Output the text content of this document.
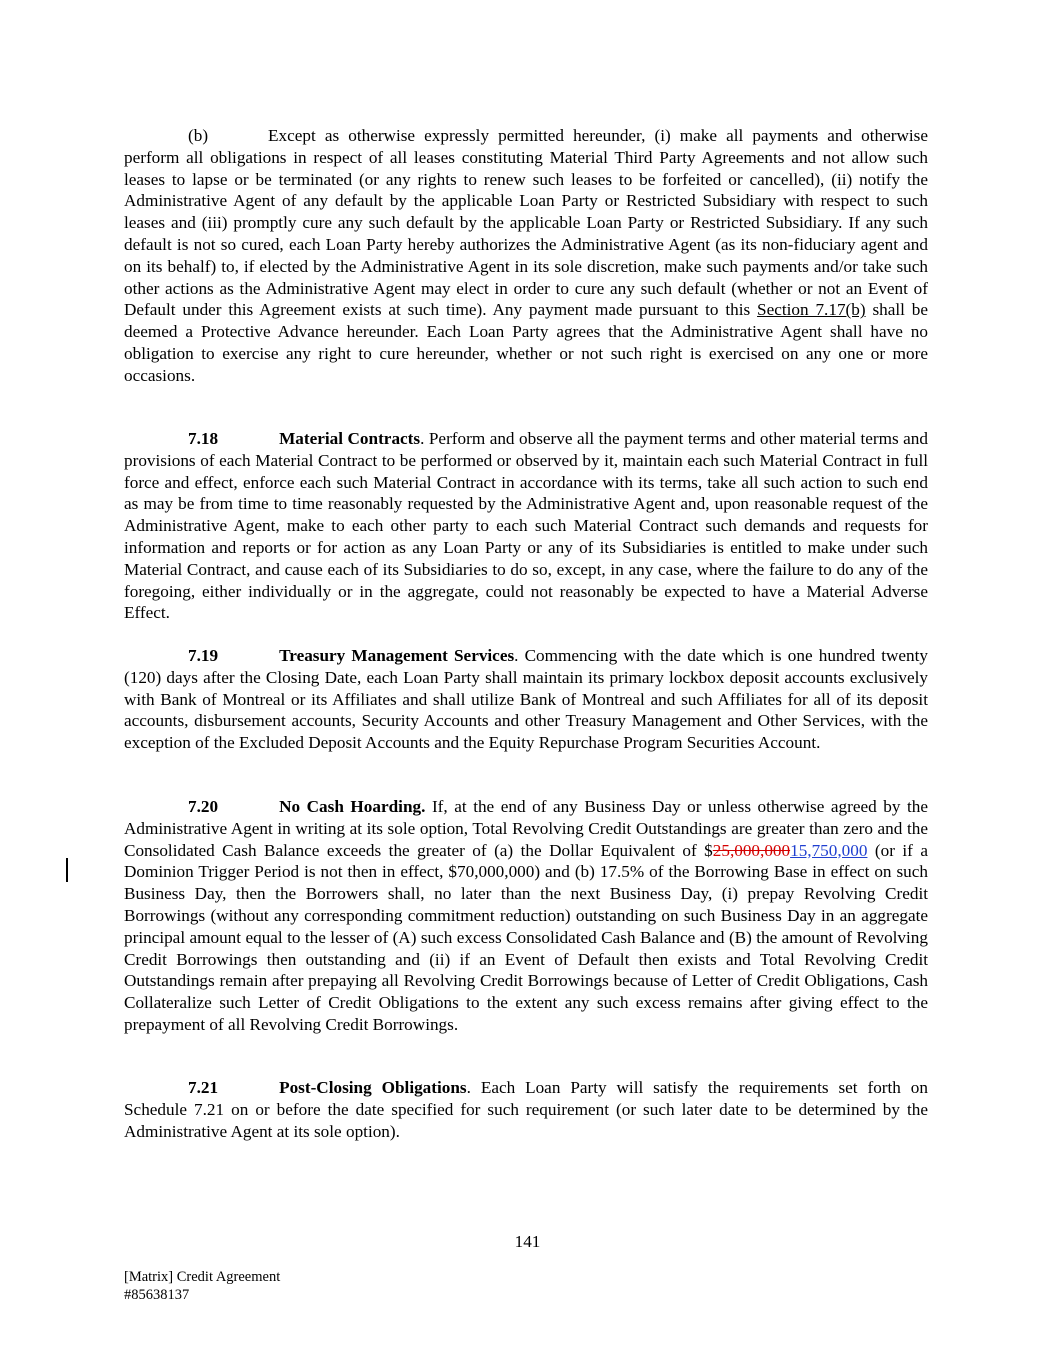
(b)	Except as otherwise expressly permitted hereunder, (i) make all payments and otherwise perform all obligations in respect of all leases constituting Material Third Party Agreements and not allow such leases to lapse or be terminated (or any rights to renew such leases to be forfeited or cancelled), (ii) notify the Administrative Agent of any default by the applicable Loan Party or Restricted Subsidiary with respect to such leases and (iii) promptly cure any such default by the applicable Loan Party or Restricted Subsidiary. If any such default is not so cured, each Loan Party hereby authorizes the Administrative Agent (as its non-fiduciary agent and on its behalf) to, if elected by the Administrative Agent in its sole discretion, make such payments and/or take such other actions as the Administrative Agent may elect in order to cure any such default (whether or not an Event of Default under this Agreement exists at such time). Any payment made pursuant to this Section 7.17(b) shall be deemed a Protective Advance hereunder. Each Loan Party agrees that the Administrative Agent shall have no obligation to exercise any right to cure hereunder, whether or not such right is exercised on any one or more occasions.

7.18	Material Contracts. Perform and observe all the payment terms and other material terms and provisions of each Material Contract to be performed or observed by it, maintain each such Material Contract in full force and effect, enforce each such Material Contract in accordance with its terms, take all such action to such end as may be from time to time reasonably requested by the Administrative Agent and, upon reasonable request of the Administrative Agent, make to each other party to each such Material Contract such demands and requests for information and reports or for action as any Loan Party or any of its Subsidiaries is entitled to make under such Material Contract, and cause each of its Subsidiaries to do so, except, in any case, where the failure to do any of the foregoing, either individually or in the aggregate, could not reasonably be expected to have a Material Adverse Effect.

7.19	Treasury Management Services. Commencing with the date which is one hundred twenty (120) days after the Closing Date, each Loan Party shall maintain its primary lockbox deposit accounts exclusively with Bank of Montreal or its Affiliates and shall utilize Bank of Montreal and such Affiliates for all of its deposit accounts, disbursement accounts, Security Accounts and other Treasury Management and Other Services, with the exception of the Excluded Deposit Accounts and the Equity Repurchase Program Securities Account.

7.20	No Cash Hoarding. If, at the end of any Business Day or unless otherwise agreed by the Administrative Agent in writing at its sole option, Total Revolving Credit Outstandings are greater than zero and the Consolidated Cash Balance exceeds the greater of (a) the Dollar Equivalent of $25,000,00015,750,000 (or if a Dominion Trigger Period is not then in effect, $70,000,000) and (b) 17.5% of the Borrowing Base in effect on such Business Day, then the Borrowers shall, no later than the next Business Day, (i) prepay Revolving Credit Borrowings (without any corresponding commitment reduction) outstanding on such Business Day in an aggregate principal amount equal to the lesser of (A) such excess Consolidated Cash Balance and (B) the amount of Revolving Credit Borrowings then outstanding and (ii) if an Event of Default then exists and Total Revolving Credit Outstandings remain after prepaying all Revolving Credit Borrowings because of Letter of Credit Obligations, Cash Collateralize such Letter of Credit Obligations to the extent any such excess remains after giving effect to the prepayment of all Revolving Credit Borrowings.

7.21	Post-Closing Obligations. Each Loan Party will satisfy the requirements set forth on Schedule 7.21 on or before the date specified for such requirement (or such later date to be determined by the Administrative Agent at its sole option).

141
[Matrix] Credit Agreement
#85638137
